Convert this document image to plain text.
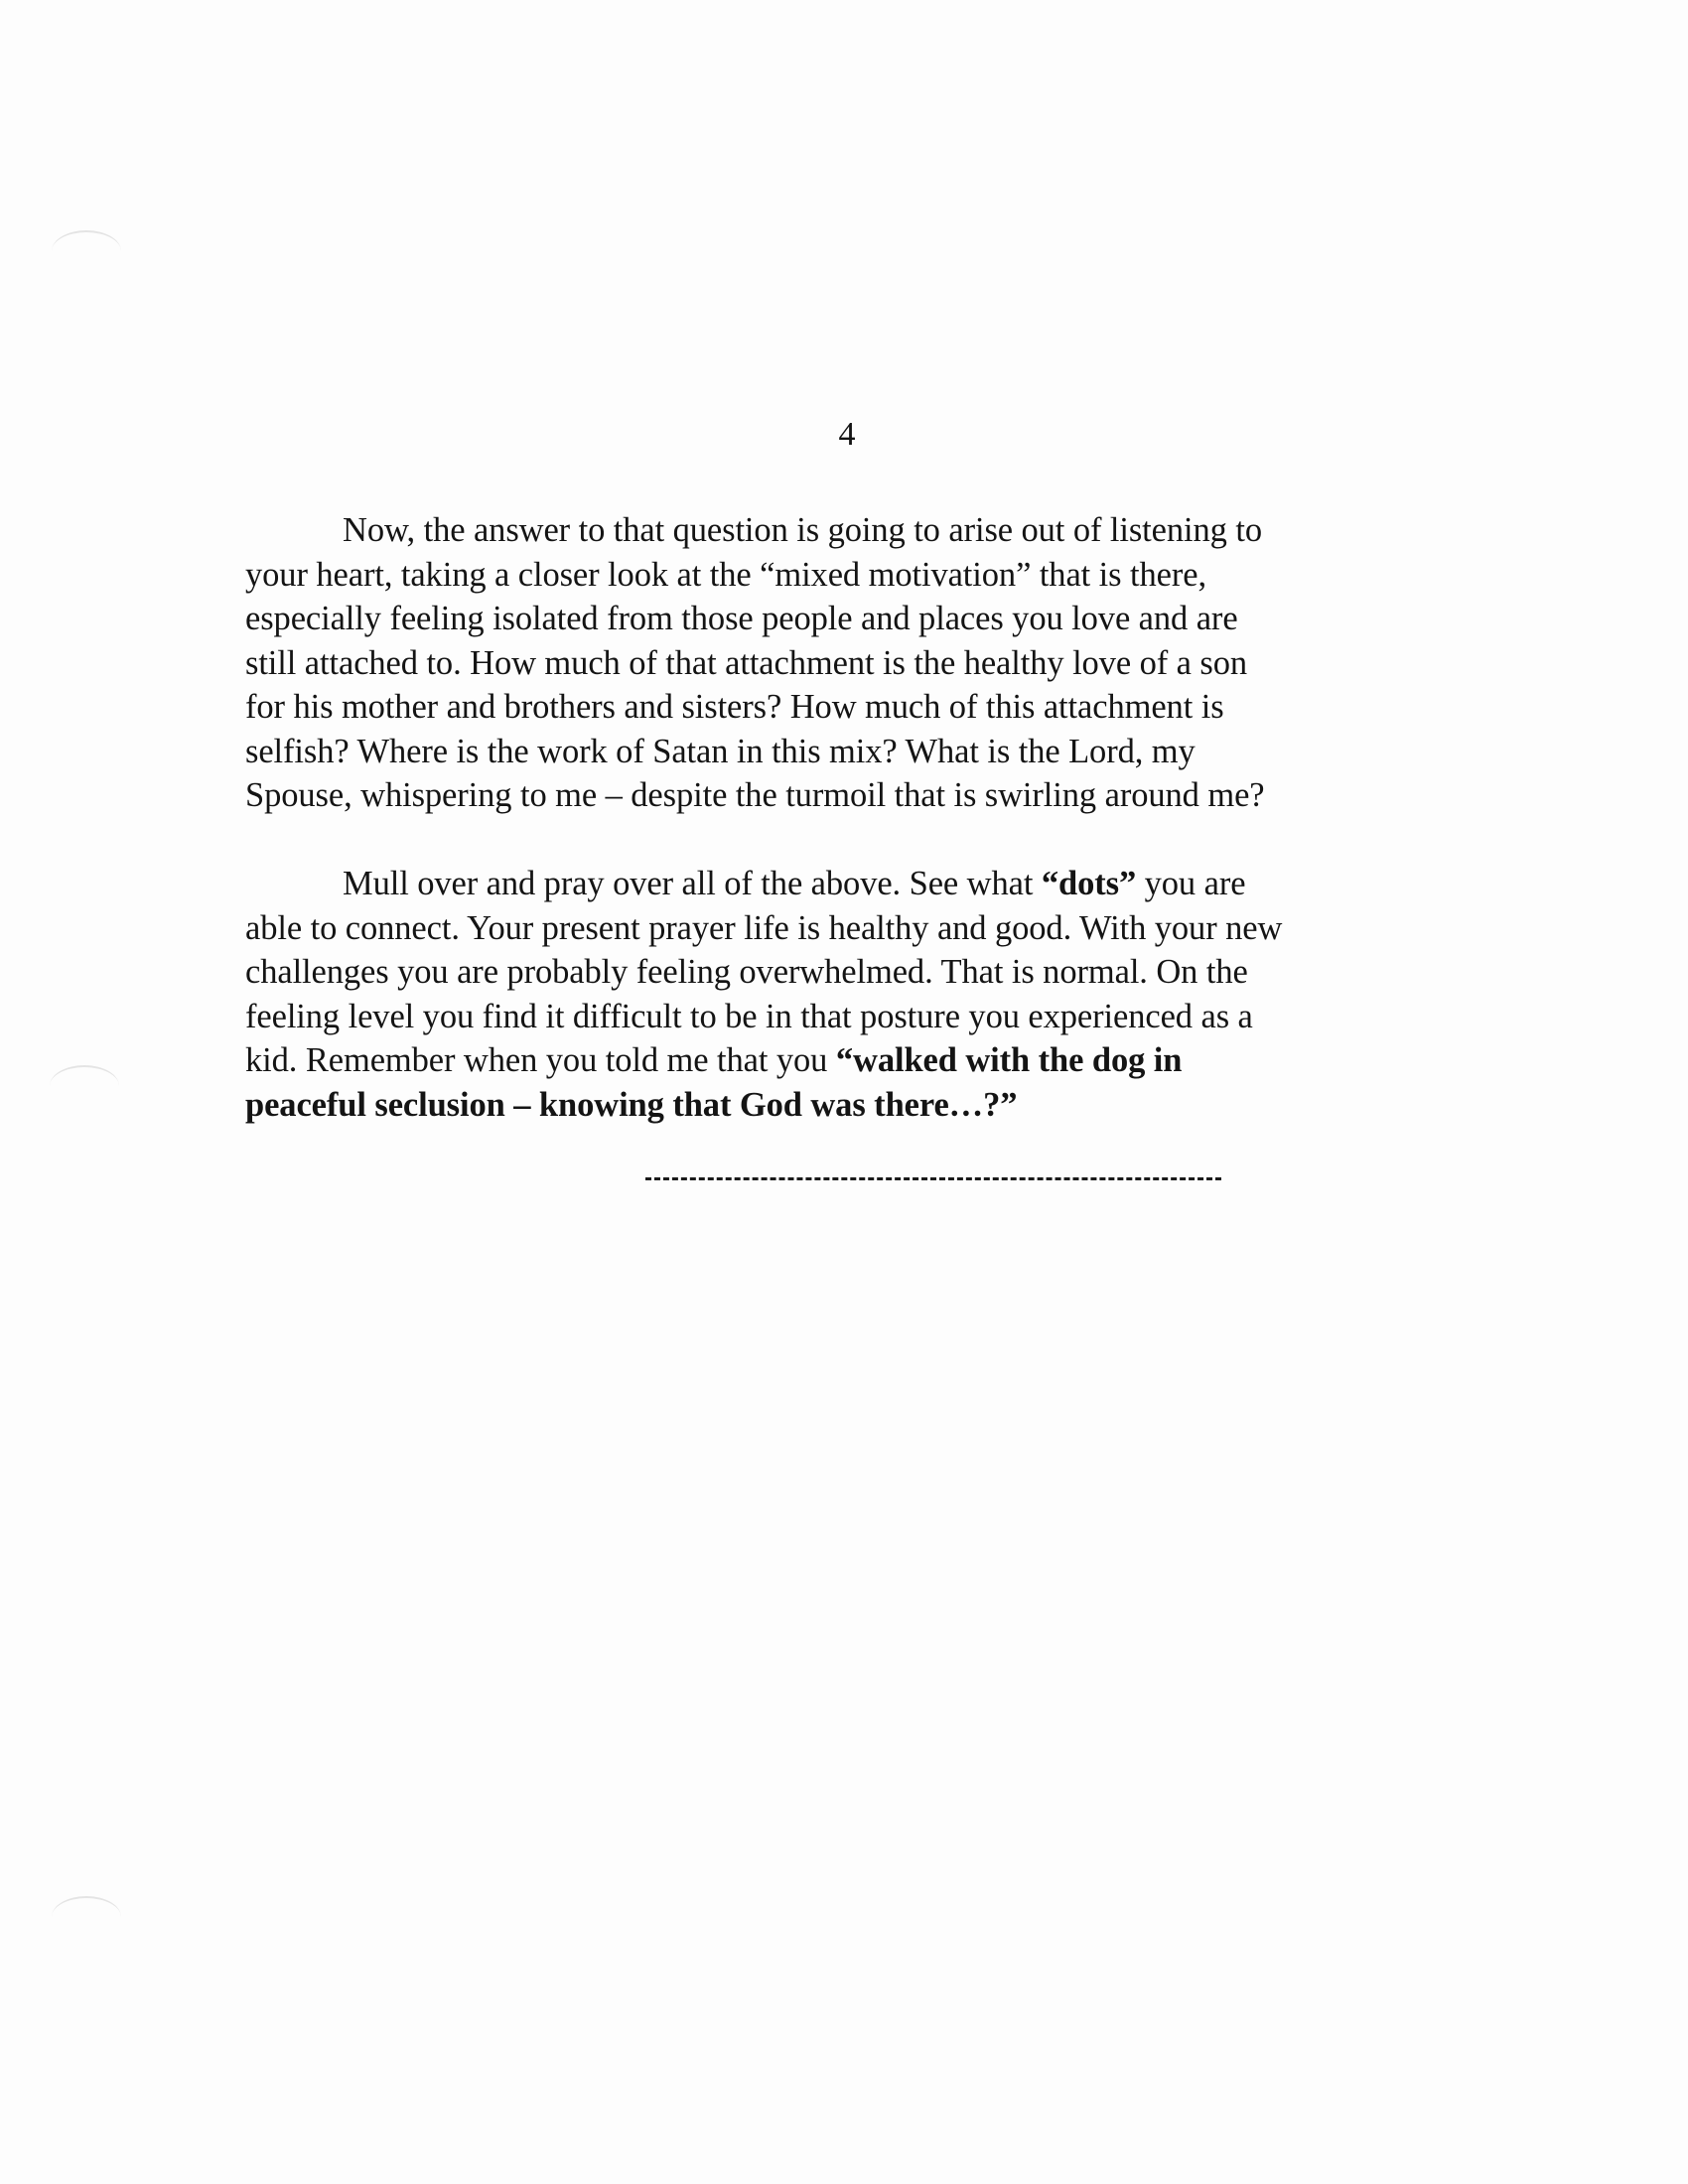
4
Now, the answer to that question is going to arise out of listening to
your heart, taking a closer look at the “mixed motivation” that is there,
especially feeling isolated from those people and places you love and are
still attached to. How much of that attachment is the healthy love of a son
for his mother and brothers and sisters? How much of this attachment is
selfish? Where is the work of Satan in this mix? What is the Lord, my
Spouse, whispering to me – despite the turmoil that is swirling around me?
Mull over and pray over all of the above. See what “dots” you are
able to connect. Your present prayer life is healthy and good. With your new
challenges you are probably feeling overwhelmed. That is normal. On the
feeling level you find it difficult to be in that posture you experienced as a
kid. Remember when you told me that you “walked with the dog in
peaceful seclusion – knowing that God was there…?”
